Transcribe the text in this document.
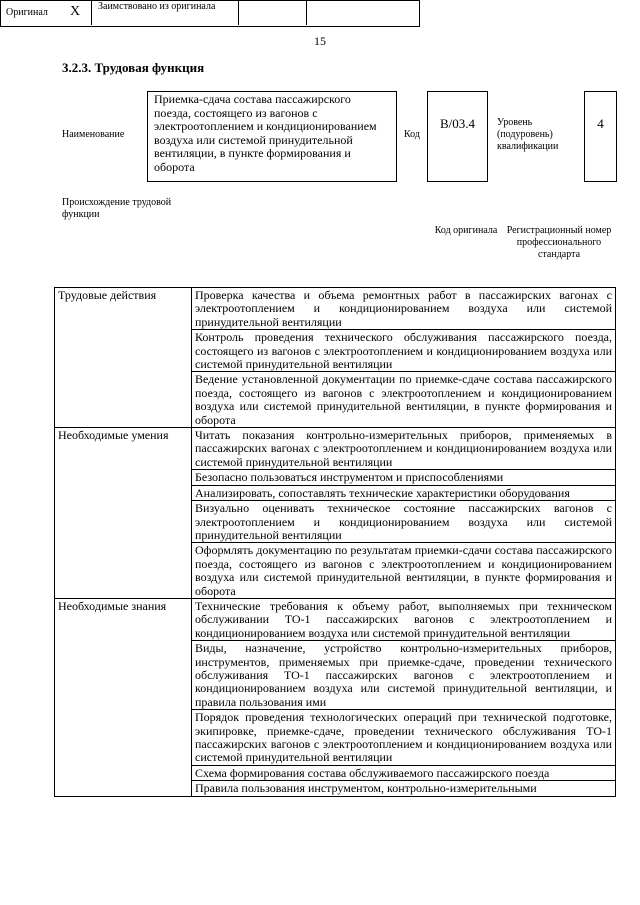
15
3.2.3. Трудовая функция
Наименование
Приемка-сдача состава пассажирского поезда, состоящего из вагонов с электроотоплением и кондиционированием воздуха или системой принудительной вентиляции, в пункте формирования и оборота
Код
B/03.4	Уровень (подуровень) квалификации
4
Происхождение трудовой функции
Оригинал X Заимствовано из оригинала
Код оригинала Регистрационный номер профессионального стандарта
Трудовые действия	Проверка качества и объема ремонтных работ в пассажирских вагонах с электроотоплением и кондиционированием воздуха или системой принудительной вентиляции
	Контроль проведения технического обслуживания пассажирского поезда, состоящего из вагонов с электроотоплением и кондиционированием воздуха или системой принудительной вентиляции
	Ведение установленной документации по приемке-сдаче состава пассажирского поезда, состоящего из вагонов с электроотоплением и кондиционированием воздуха или системой принудительной вентиляции, в пункте формирования и оборота
Необходимые умения	Читать показания контрольно-измерительных приборов, применяемых в пассажирских вагонах с электроотоплением и кондиционированием воздуха или системой принудительной вентиляции
	Безопасно пользоваться инструментом и приспособлениями
	Анализировать, сопоставлять технические характеристики оборудования
	Визуально оценивать техническое состояние пассажирских вагонов с электроотоплением и кондиционированием воздуха или системой принудительной вентиляции
	Оформлять документацию по результатам приемки-сдачи состава пассажирского поезда, состоящего из вагонов с электроотоплением и кондиционированием воздуха или системой принудительной вентиляции, в пункте формирования и оборота
Необходимые знания	Технические требования к объему работ, выполняемых при техническом обслуживании ТО-1 пассажирских вагонов с электроотоплением и кондиционированием воздуха или системой принудительной вентиляции
	Виды, назначение, устройство контрольно-измерительных приборов, инструментов, применяемых при приемке-сдаче, проведении технического обслуживания ТО-1 пассажирских вагонов с электроотоплением и кондиционированием воздуха или системой принудительной вентиляции, и правила пользования ими
	Порядок проведения технологических операций при технической подготовке, экипировке, приемке-сдаче, проведении технического обслуживания ТО-1 пассажирских вагонов с электроотоплением и кондиционированием воздуха или системой принудительной вентиляции
	Схема формирования состава обслуживаемого пассажирского поезда
	Правила пользования инструментом, контрольно-измерительными
